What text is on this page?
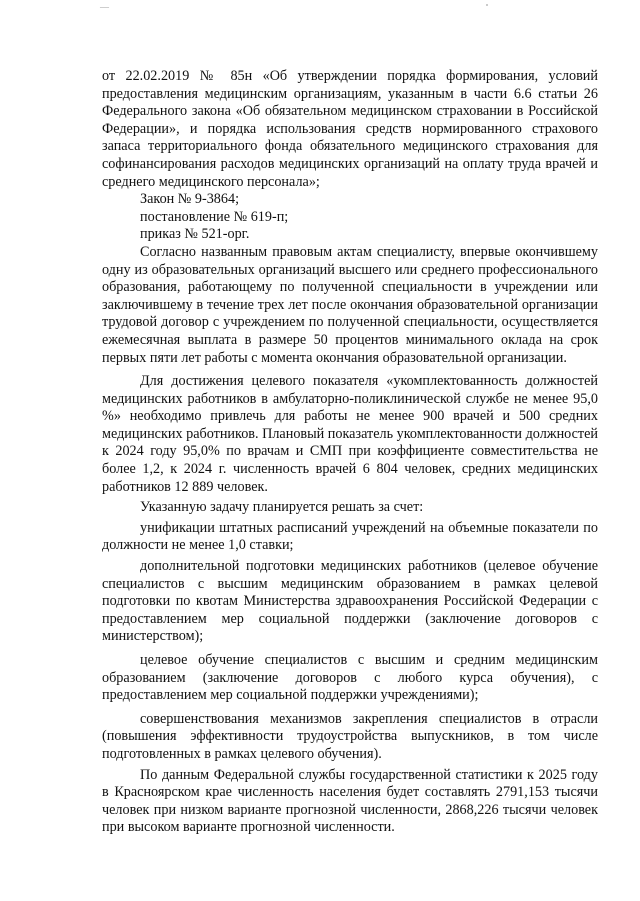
—

от 22.02.2019 № 85н «Об утверждении порядка формирования, условий предоставления медицинским организациям, указанным в части 6.6 статьи 26 Федерального закона «Об обязательном медицинском страховании в Российской Федерации», и порядка использования средств нормированного страхового запаса территориального фонда обязательного медицинского страхования для софинансирования расходов медицинских организаций на оплату труда врачей и среднего медицинского персонала»;

Закон № 9-3864;

постановление № 619-п;

приказ № 521-орг.

Согласно названным правовым актам специалисту, впервые окончившему одну из образовательных организаций высшего или среднего профессионального образования, работающему по полученной специальности в учреждении или заключившему в течение трех лет после окончания образовательной организации трудовой договор с учреждением по полученной специальности, осуществляется ежемесячная выплата в размере 50 процентов минимального оклада на срок первых пяти лет работы с момента окончания образовательной организации.

Для достижения целевого показателя «укомплектованность должностей медицинских работников в амбулаторно-поликлинической службе не менее 95,0 %» необходимо привлечь для работы не менее 900 врачей и 500 средних медицинских работников. Плановый показатель укомплектованности должностей к 2024 году 95,0% по врачам и СМП при коэффициенте совместительства не более 1,2, к 2024 г. численность врачей 6 804 человек, средних медицинских работников 12 889 человек.

Указанную задачу планируется решать за счет:

унификации штатных расписаний учреждений на объемные показатели по должности не менее 1,0 ставки;

дополнительной подготовки медицинских работников (целевое обучение специалистов с высшим медицинским образованием в рамках целевой подготовки по квотам Министерства здравоохранения Российской Федерации с предоставлением мер социальной поддержки (заключение договоров с министерством);

целевое обучение специалистов с высшим и средним медицинским образованием (заключение договоров с любого курса обучения), с предоставлением мер социальной поддержки учреждениями);

совершенствования механизмов закрепления специалистов в отрасли (повышения эффективности трудоустройства выпускников, в том числе подготовленных в рамках целевого обучения).

По данным Федеральной службы государственной статистики к 2025 году в Красноярском крае численность населения будет составлять 2791,153 тысячи человек при низком варианте прогнозной численности, 2868,226 тысячи человек при высоком варианте прогнозной численности.
